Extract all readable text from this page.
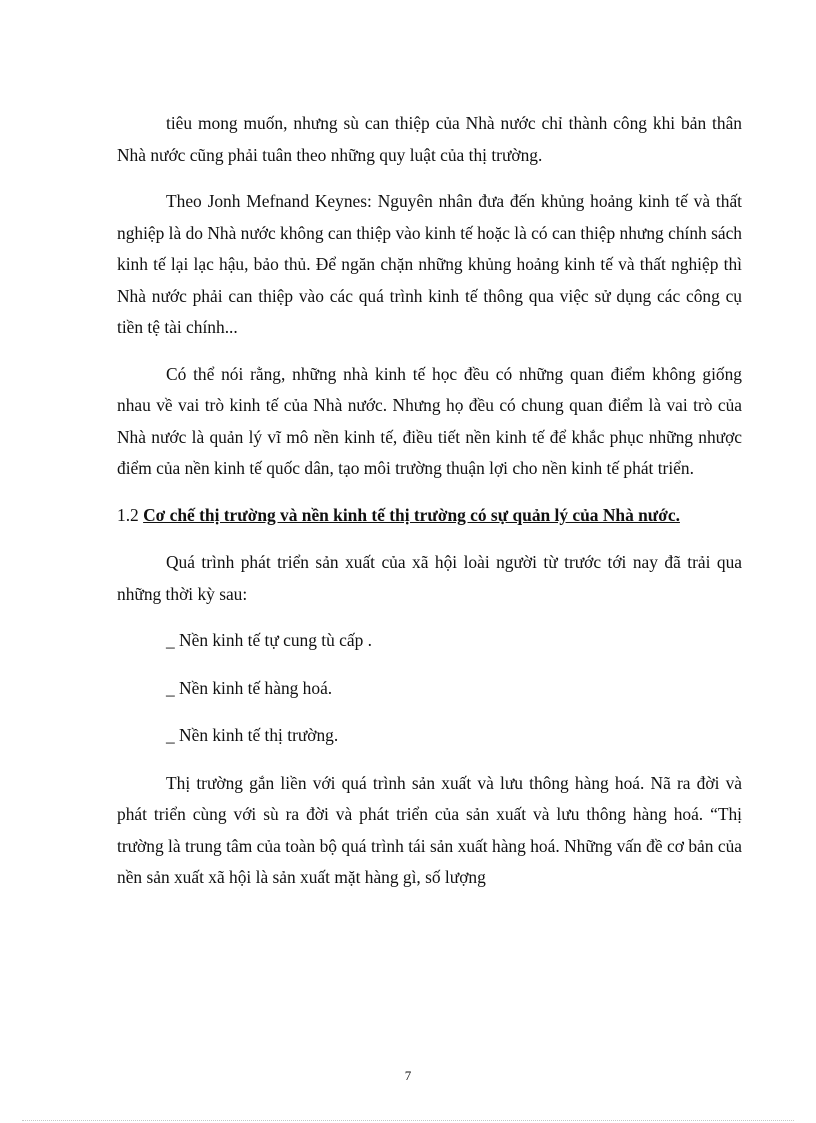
tiêu mong muốn, nhưng sù can thiệp của Nhà nước chỉ thành công khi bản thân Nhà nước cũng phải tuân theo những quy luật của thị trường.

Theo Jonh Mefnand Keynes: Nguyên nhân đưa đến khủng hoảng kinh tế và thất nghiệp là do Nhà nước không can thiệp vào kinh tế hoặc là có can thiệp nhưng chính sách kinh tế lại lạc hậu, bảo thủ. Để ngăn chặn những khủng hoảng kinh tế và thất nghiệp thì Nhà nước phải can thiệp vào các quá trình kinh tế thông qua việc sử dụng các công cụ tiền tệ tài chính...

Có thể nói rằng, những nhà kinh tế học đều có những quan điểm không giống nhau về vai trò kinh tế của Nhà nước. Nhưng họ đều có chung quan điểm là vai trò của Nhà nước là quản lý vĩ mô nền kinh tế, điều tiết nền kinh tế để khắc phục những nhược điểm của nền kinh tế quốc dân, tạo môi trường thuận lợi cho nền kinh tế phát triển.

1.2 Cơ chế thị trường và nền kinh tế thị trường có sự quản lý của Nhà nước.

Quá trình phát triển sản xuất của xã hội loài người từ trước tới nay đã trải qua những thời kỳ sau:

_ Nền kinh tế tự cung tù cấp .
_ Nền kinh tế hàng hoá.
_ Nền kinh tế thị trường.

Thị trường gắn liền với quá trình sản xuất và lưu thông hàng hoá. Nã ra đời và phát triển cùng với sù ra đời và phát triển của sản xuất và lưu thông hàng hoá. “Thị trường là trung tâm của toàn bộ quá trình tái sản xuất hàng hoá. Những vấn đề cơ bản của nền sản xuất xã hội là sản xuất mặt hàng gì, số lượng

7
